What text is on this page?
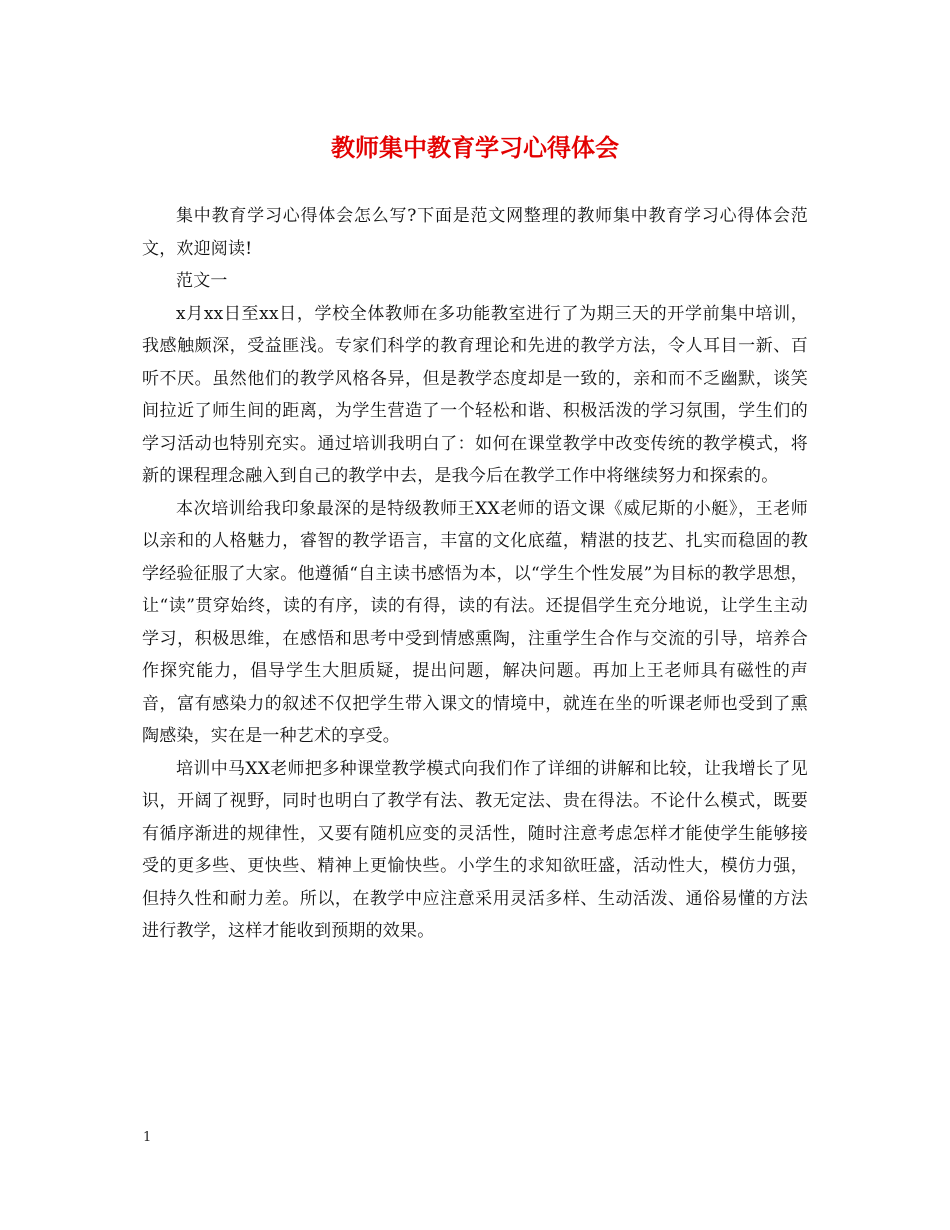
教师集中教育学习心得体会

集中教育学习心得体会怎么写?下面是范文网整理的教师集中教育学习心得体会范文，欢迎阅读!

范文一

x月xx日至xx日，学校全体教师在多功能教室进行了为期三天的开学前集中培训，我感触颇深，受益匪浅。专家们科学的教育理论和先进的教学方法，令人耳目一新、百听不厌。虽然他们的教学风格各异，但是教学态度却是一致的，亲和而不乏幽默，谈笑间拉近了师生间的距离，为学生营造了一个轻松和谐、积极活泼的学习氛围，学生们的学习活动也特别充实。通过培训我明白了：如何在课堂教学中改变传统的教学模式，将新的课程理念融入到自己的教学中去，是我今后在教学工作中将继续努力和探索的。

本次培训给我印象最深的是特级教师王XX老师的语文课《威尼斯的小艇》，王老师以亲和的人格魅力，睿智的教学语言，丰富的文化底蕴，精湛的技艺、扎实而稳固的教学经验征服了大家。他遵循“自主读书感悟为本，以“学生个性发展”为目标的教学思想，让“读”贯穿始终，读的有序，读的有得，读的有法。还提倡学生充分地说，让学生主动学习，积极思维，在感悟和思考中受到情感熏陶，注重学生合作与交流的引导，培养合作探究能力，倡导学生大胆质疑，提出问题，解决问题。再加上王老师具有磁性的声音，富有感染力的叙述不仅把学生带入课文的情境中，就连在坐的听课老师也受到了熏陶感染，实在是一种艺术的享受。

培训中马XX老师把多种课堂教学模式向我们作了详细的讲解和比较，让我增长了见识，开阔了视野，同时也明白了教学有法、教无定法、贵在得法。不论什么模式，既要有循序渐进的规律性，又要有随机应变的灵活性，随时注意考虑怎样才能使学生能够接受的更多些、更快些、精神上更愉快些。小学生的求知欲旺盛，活动性大，模仿力强，但持久性和耐力差。所以，在教学中应注意采用灵活多样、生动活泼、通俗易懂的方法进行教学，这样才能收到预期的效果。

1
